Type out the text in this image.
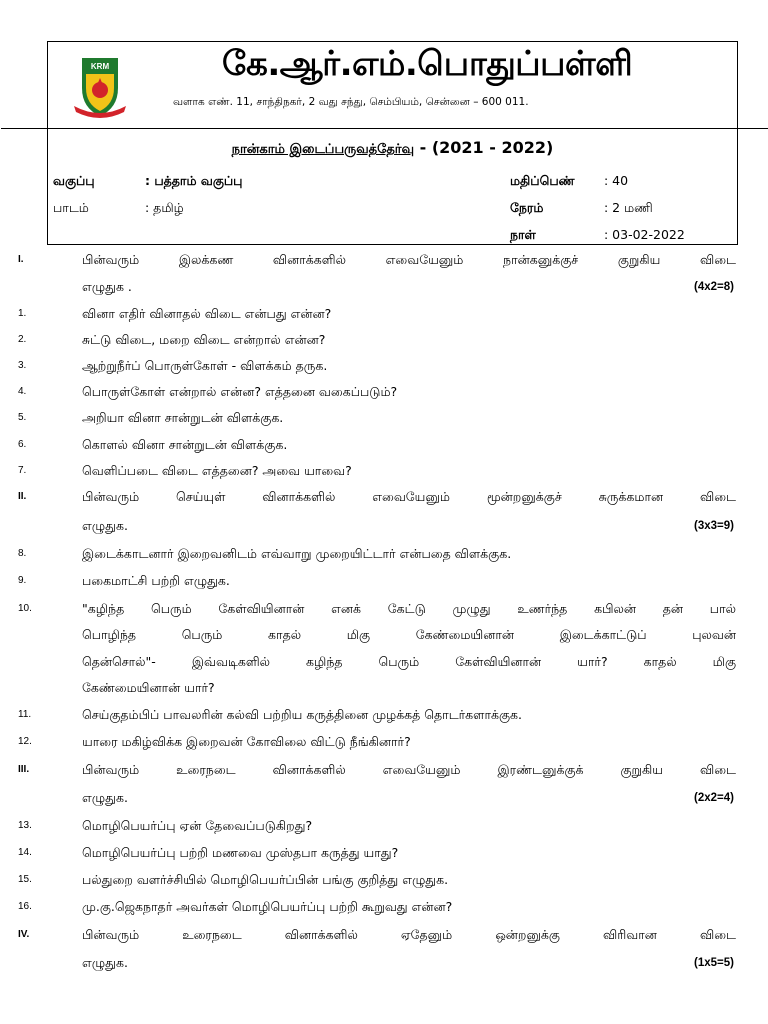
KRM	கே.ஆர்.எம்.பொதுப்பள்ளி
வளாக எண். 11, சாந்திநகர், 2 வது சந்து, செம்பியம், சென்னை – 600 011.
நான்காம் இடைப்பருவத்தேர்வு - (2021 - 2022)
வகுப்பு	: பத்தாம் வகுப்பு
பாடம்	: தமிழ்
மதிப்பெண் : 40
நேரம்	: 2 மணி
நாள்	: 03-02-2022
I.	பின்வரும் இலக்கண வினாக்களில் எவையேனும் நான்கனுக்குச் குறுகிய விடை
எழுதுக .	(4x2=8)
1.	வினா எதிர் வினாதல் விடை என்பது என்ன?
2.	சுட்டு விடை, மறை விடை என்றால் என்ன?
3.	ஆற்றுநீர்ப் பொருள்கோள் - விளக்கம் தருக.
4.	பொருள்கோள் என்றால் என்ன? எத்தனை வகைப்படும்?
5.	அறியா வினா சான்றுடன் விளக்குக.
6.	கொளல் வினா சான்றுடன் விளக்குக.
7.	வெளிப்படை விடை எத்தனை? அவை யாவை?
II.	பின்வரும் செய்யுள் வினாக்களில் எவையேனும் மூன்றனுக்குச் சுருக்கமான விடை
எழுதுக.	(3x3=9)
8.	இடைக்காடனார் இறைவனிடம் எவ்வாறு முறையிட்டார் என்பதை விளக்குக.
9.	பகைமாட்சி பற்றி எழுதுக.
10.	"கழிந்த பெரும் கேள்வியினான் எனக் கேட்டு முழுது உணர்ந்த கபிலன் தன் பால்
பொழிந்த பெரும் காதல் மிகு கேண்மையினான் இடைக்காட்டுப் புலவன்
தென்சொல்"- இவ்வடிகளில் கழிந்த பெரும் கேள்வியினான் யார்? காதல் மிகு
கேண்மையினான் யார்?
11.	செய்குதம்பிப் பாவலரின் கல்வி பற்றிய கருத்தினை முழக்கத் தொடர்களாக்குக.
12.	யாரை மகிழ்விக்க இறைவன் கோவிலை விட்டு நீங்கினார்?
III.	பின்வரும் உரைநடை வினாக்களில் எவையேனும் இரண்டனுக்குக் குறுகிய விடை
எழுதுக.	(2x2=4)
13.	மொழிபெயர்ப்பு ஏன் தேவைப்படுகிறது?
14.	மொழிபெயர்ப்பு பற்றி மணவை முஸ்தபா கருத்து யாது?
15.	பல்துறை வளர்ச்சியில் மொழிபெயர்ப்பின் பங்கு குறித்து எழுதுக.
16.	மு.கு.ஜெகநாதர் அவர்கள் மொழிபெயர்ப்பு பற்றி கூறுவது என்ன?
IV.	பின்வரும் உரைநடை வினாக்களில் ஏதேனும் ஒன்றனுக்கு விரிவான விடை
எழுதுக.	(1x5=5)
